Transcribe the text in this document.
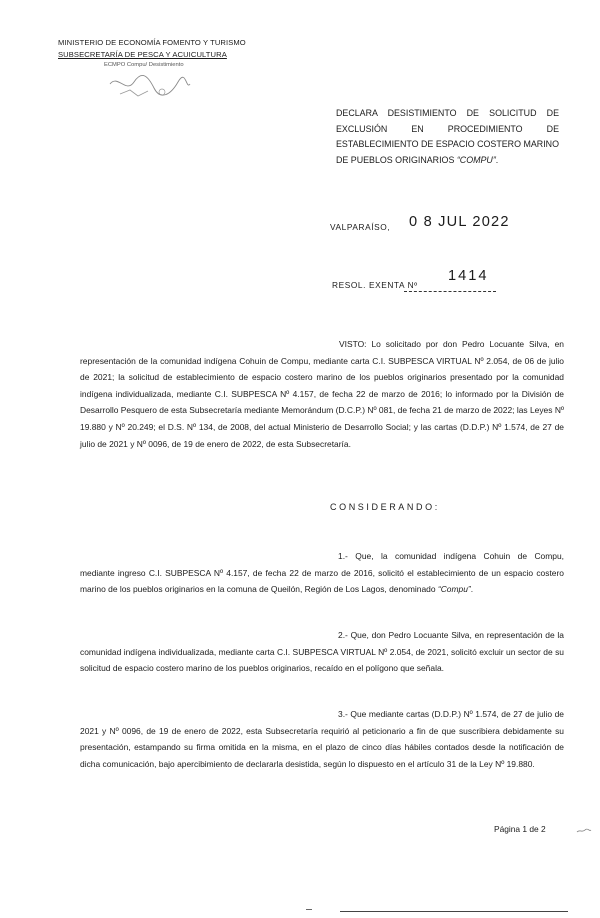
MINISTERIO DE ECONOMÍA FOMENTO Y TURISMO
SUBSECRETARÍA DE PESCA Y ACUICULTURA
ECMPO Compu/ Desistimiento
DECLARA DESISTIMIENTO DE SOLICITUD DE EXCLUSIÓN EN PROCEDIMIENTO DE ESTABLECIMIENTO DE ESPACIO COSTERO MARINO DE PUEBLOS ORIGINARIOS “COMPU”.
VALPARAÍSO, 0 8 JUL 2022
RESOL. EXENTA Nº
1414
VISTO: Lo solicitado por don Pedro Locuante Silva, en representación de la comunidad indígena Cohuin de Compu, mediante carta C.I. SUBPESCA VIRTUAL Nº 2.054, de 06 de julio de 2021; la solicitud de establecimiento de espacio costero marino de los pueblos originarios presentado por la comunidad indígena individualizada, mediante C.I. SUBPESCA Nº 4.157, de fecha 22 de marzo de 2016; lo informado por la División de Desarrollo Pesquero de esta Subsecretaría mediante Memorándum (D.C.P.) Nº 081, de fecha 21 de marzo de 2022; las Leyes Nº 19.880 y Nº 20.249; el D.S. Nº 134, de 2008, del actual Ministerio de Desarrollo Social; y las cartas (D.D.P.) Nº 1.574, de 27 de julio de 2021 y Nº 0096, de 19 de enero de 2022, de esta Subsecretaría.
CONSIDERANDO:
1.- Que, la comunidad indígena Cohuin de Compu, mediante ingreso C.I. SUBPESCA Nº 4.157, de fecha 22 de marzo de 2016, solicitó el establecimiento de un espacio costero marino de los pueblos originarios en la comuna de Queilón, Región de Los Lagos, denominado “Compu”.
2.- Que, don Pedro Locuante Silva, en representación de la comunidad indígena individualizada, mediante carta C.I. SUBPESCA VIRTUAL Nº 2.054, de 2021, solicitó excluir un sector de su solicitud de espacio costero marino de los pueblos originarios, recaído en el polígono que señala.
3.- Que mediante cartas (D.D.P.) Nº 1.574, de 27 de julio de 2021 y Nº 0096, de 19 de enero de 2022, esta Subsecretaría requirió al peticionario a fin de que suscribiera debidamente su presentación, estampando su firma omitida en la misma, en el plazo de cinco días hábiles contados desde la notificación de dicha comunicación, bajo apercibimiento de declararla desistida, según lo dispuesto en el artículo 31 de la Ley Nº 19.880.
Página 1 de 2
